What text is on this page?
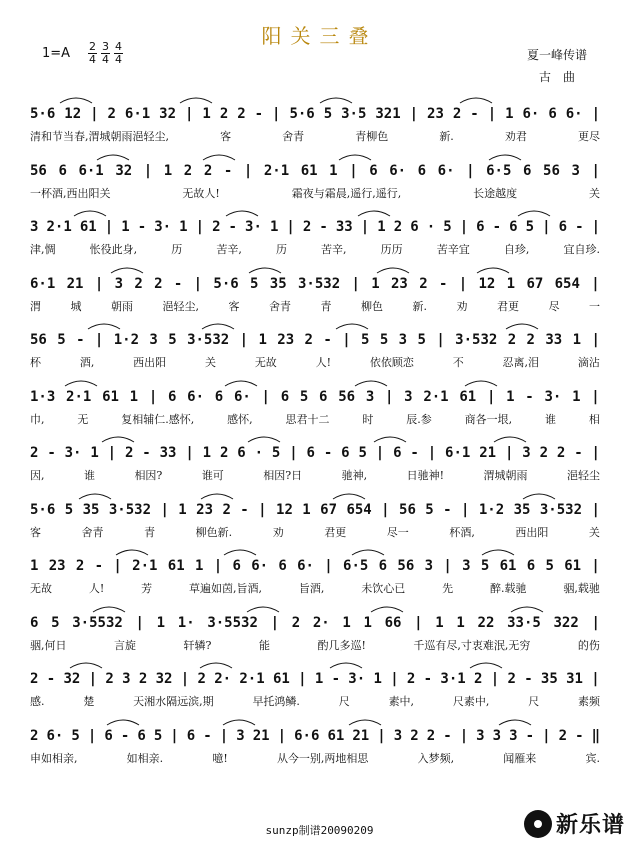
阳关三叠
$1=A \frac{2}{4} \frac{3}{4} \frac{4}{4}$	夏一峰传谱
古曲
5·6 12 | 2 6·1 32 | 1 2 2 - | 5·6 5 3·5 321 | 23 2 - | 1 6· 6 6· |
清和节当春,渭城朝雨浥轻尘,	客	舍青	青柳色	新.	劝君	更尽
56 6 6·1 32 | 1 2 2 - | 2·1 61 1 | 6 6· 6 6· | 6·5 6 56 3 |
一杯酒,西出阳关	无故人!	霜夜与霜晨,遥行,遥行,	长途越度	关
3 2·1 61 | 1 - 3· 1 | 2 - 3· 1 | 2 - 33 | 1 2 6 · 5 | 6 - 6 5 | 6 - |
津,惆	怅役此身,	历	苦辛,	历	苦辛,	历历	苦辛宜	自珍,	宜自珍.
6·1 21 | 3 2 2 - | 5·6 5 35 3·532 | 1 23 2 - | 12 1 67 654 |
渭	城	朝雨	浥轻尘,	客	舍青	青	柳色	新.	劝	君更	尽	一
56 5 - | 1·2 3 5 3·532 | 1 23 2 - | 5 5 3 5 | 3·532 2 2 33 1 |
杯	酒,	西出阳	关	无故	人!	依依顾恋	不	忍离,泪	滴沾
1·3 2·1 61 1 | 6 6· 6 6· | 6 5 6 56 3 | 3 2·1 61 | 1 - 3· 1 |
巾,	无	复相辅仁.感怀,	感怀,	思君十二	时	辰.参	商各一垠,	谁	相
2 - 3· 1 | 2 - 33 | 1 2 6 · 5 | 6 - 6 5 | 6 - | 6·1 21 | 3 2 2 - |
因,	谁	相因?	谁可	相因?日	驰神,	日驰神!	渭城朝雨	浥轻尘
5·6 5 35 3·532 | 1 23 2 - | 12 1 67 654 | 56 5 - | 1·2 35 3·532 |
客	舍青	青	柳色新.	劝	君更	尽一	杯酒,	西出阳	关
1 23 2 - | 2·1 61 1 | 6 6· 6 6· | 6·5 6 56 3 | 3 5 61 6 5 61 |
无故	人!	芳	草遍如茵,旨酒,	旨酒,	未饮心已	先	醉.载驰	骃,载驰
6 5 3·5532 | 1 1· 3·5532 | 2 2· 1 1 66 | 1 1 22 33·5 322 |
骃,何日	言旋	轩辚?	能	酌几多巡!	千巡有尽,寸衷难泯,无穷	的伤
2 - 32 | 2 3 2 32 | 2 2· 2·1 61 | 1 - 3· 1 | 2 - 3·1 2 | 2 - 35 31 |
感.	楚	天湘水隔远滨,期	早托鸿鳞.	尺	素中,	尺素中,	尺	素频
2 6· 5 | 6 - 6 5 | 6 - | 3 21 | 6·6 61 21 | 3 2 2 - | 3 3 3 - | 2 - ‖
申如相亲,	如相亲.	噫!	从今一别,两地相思	入梦频,	闻雁来	宾.
sunzp制谱20090209	新乐谱
